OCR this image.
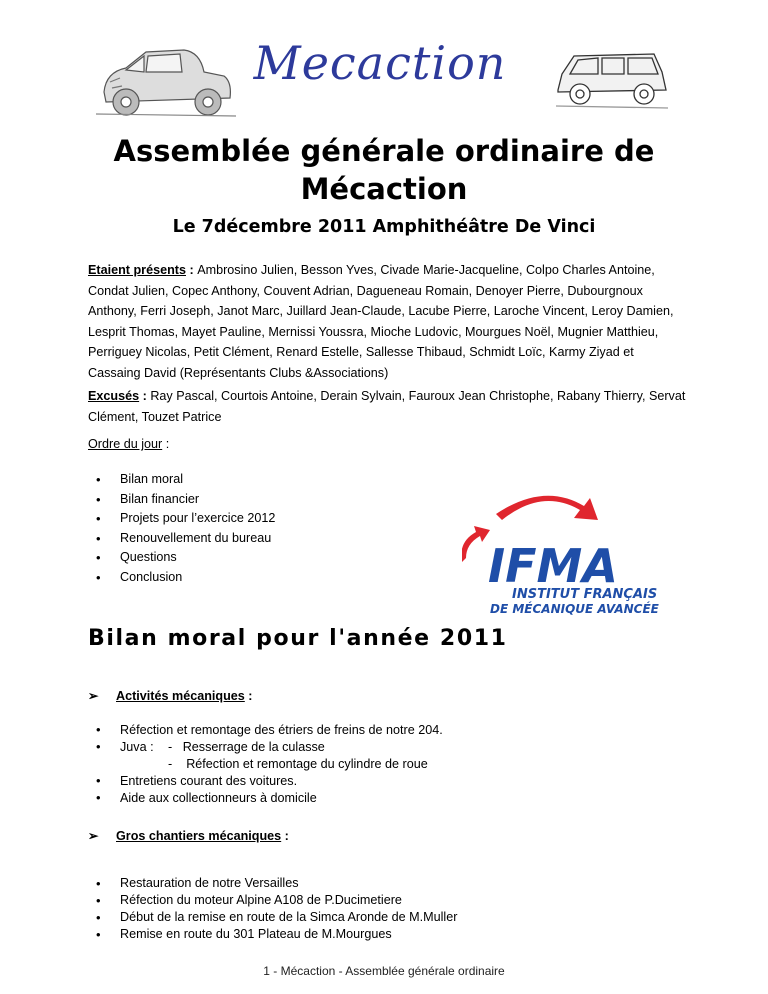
Mecaction
Assemblée générale ordinaire de
Mécaction
Le 7décembre 2011 Amphithéâtre De Vinci
Etaient présents : Ambrosino Julien, Besson Yves, Civade Marie-Jacqueline, Colpo Charles Antoine, Condat Julien, Copec Anthony, Couvent Adrian, Dagueneau Romain, Denoyer Pierre, Dubourgnoux Anthony, Ferri Joseph, Janot Marc, Juillard Jean-Claude, Lacube Pierre, Laroche Vincent, Leroy Damien, Lesprit Thomas, Mayet Pauline, Mernissi Youssra, Mioche Ludovic, Mourgues Noël, Mugnier Matthieu, Perriguey Nicolas, Petit Clément, Renard Estelle, Sallesse Thibaud, Schmidt Loïc, Karmy Ziyad et Cassaing David (Représentants Clubs &Associations)
Excusés : Ray Pascal, Courtois Antoine, Derain Sylvain, Fauroux Jean Christophe, Rabany Thierry, Servat Clément, Touzet Patrice
Ordre du jour :
• Bilan moral
• Bilan financier
• Projets pour l’exercice 2012
• Renouvellement du bureau
• Questions
• Conclusion	IFMA
INSTITUT FRANÇAIS
DE MÉCANIQUE AVANCÉE
Bilan moral pour l'année 2011
➢ Activités mécaniques :
• Réfection et remontage des étriers de freins de notre 204.
• Juva : -   Resserrage de la culasse
-    Réfection et remontage du cylindre de roue
• Entretiens courant des voitures.
• Aide aux collectionneurs à domicile
➢ Gros chantiers mécaniques :
• Restauration de notre Versailles
• Réfection du moteur Alpine A108 de P.Ducimetiere
• Début de la remise en route de la Simca Aronde de M.Muller
• Remise en route du 301 Plateau de M.Mourgues
1 - Mécaction - Assemblée générale ordinaire
